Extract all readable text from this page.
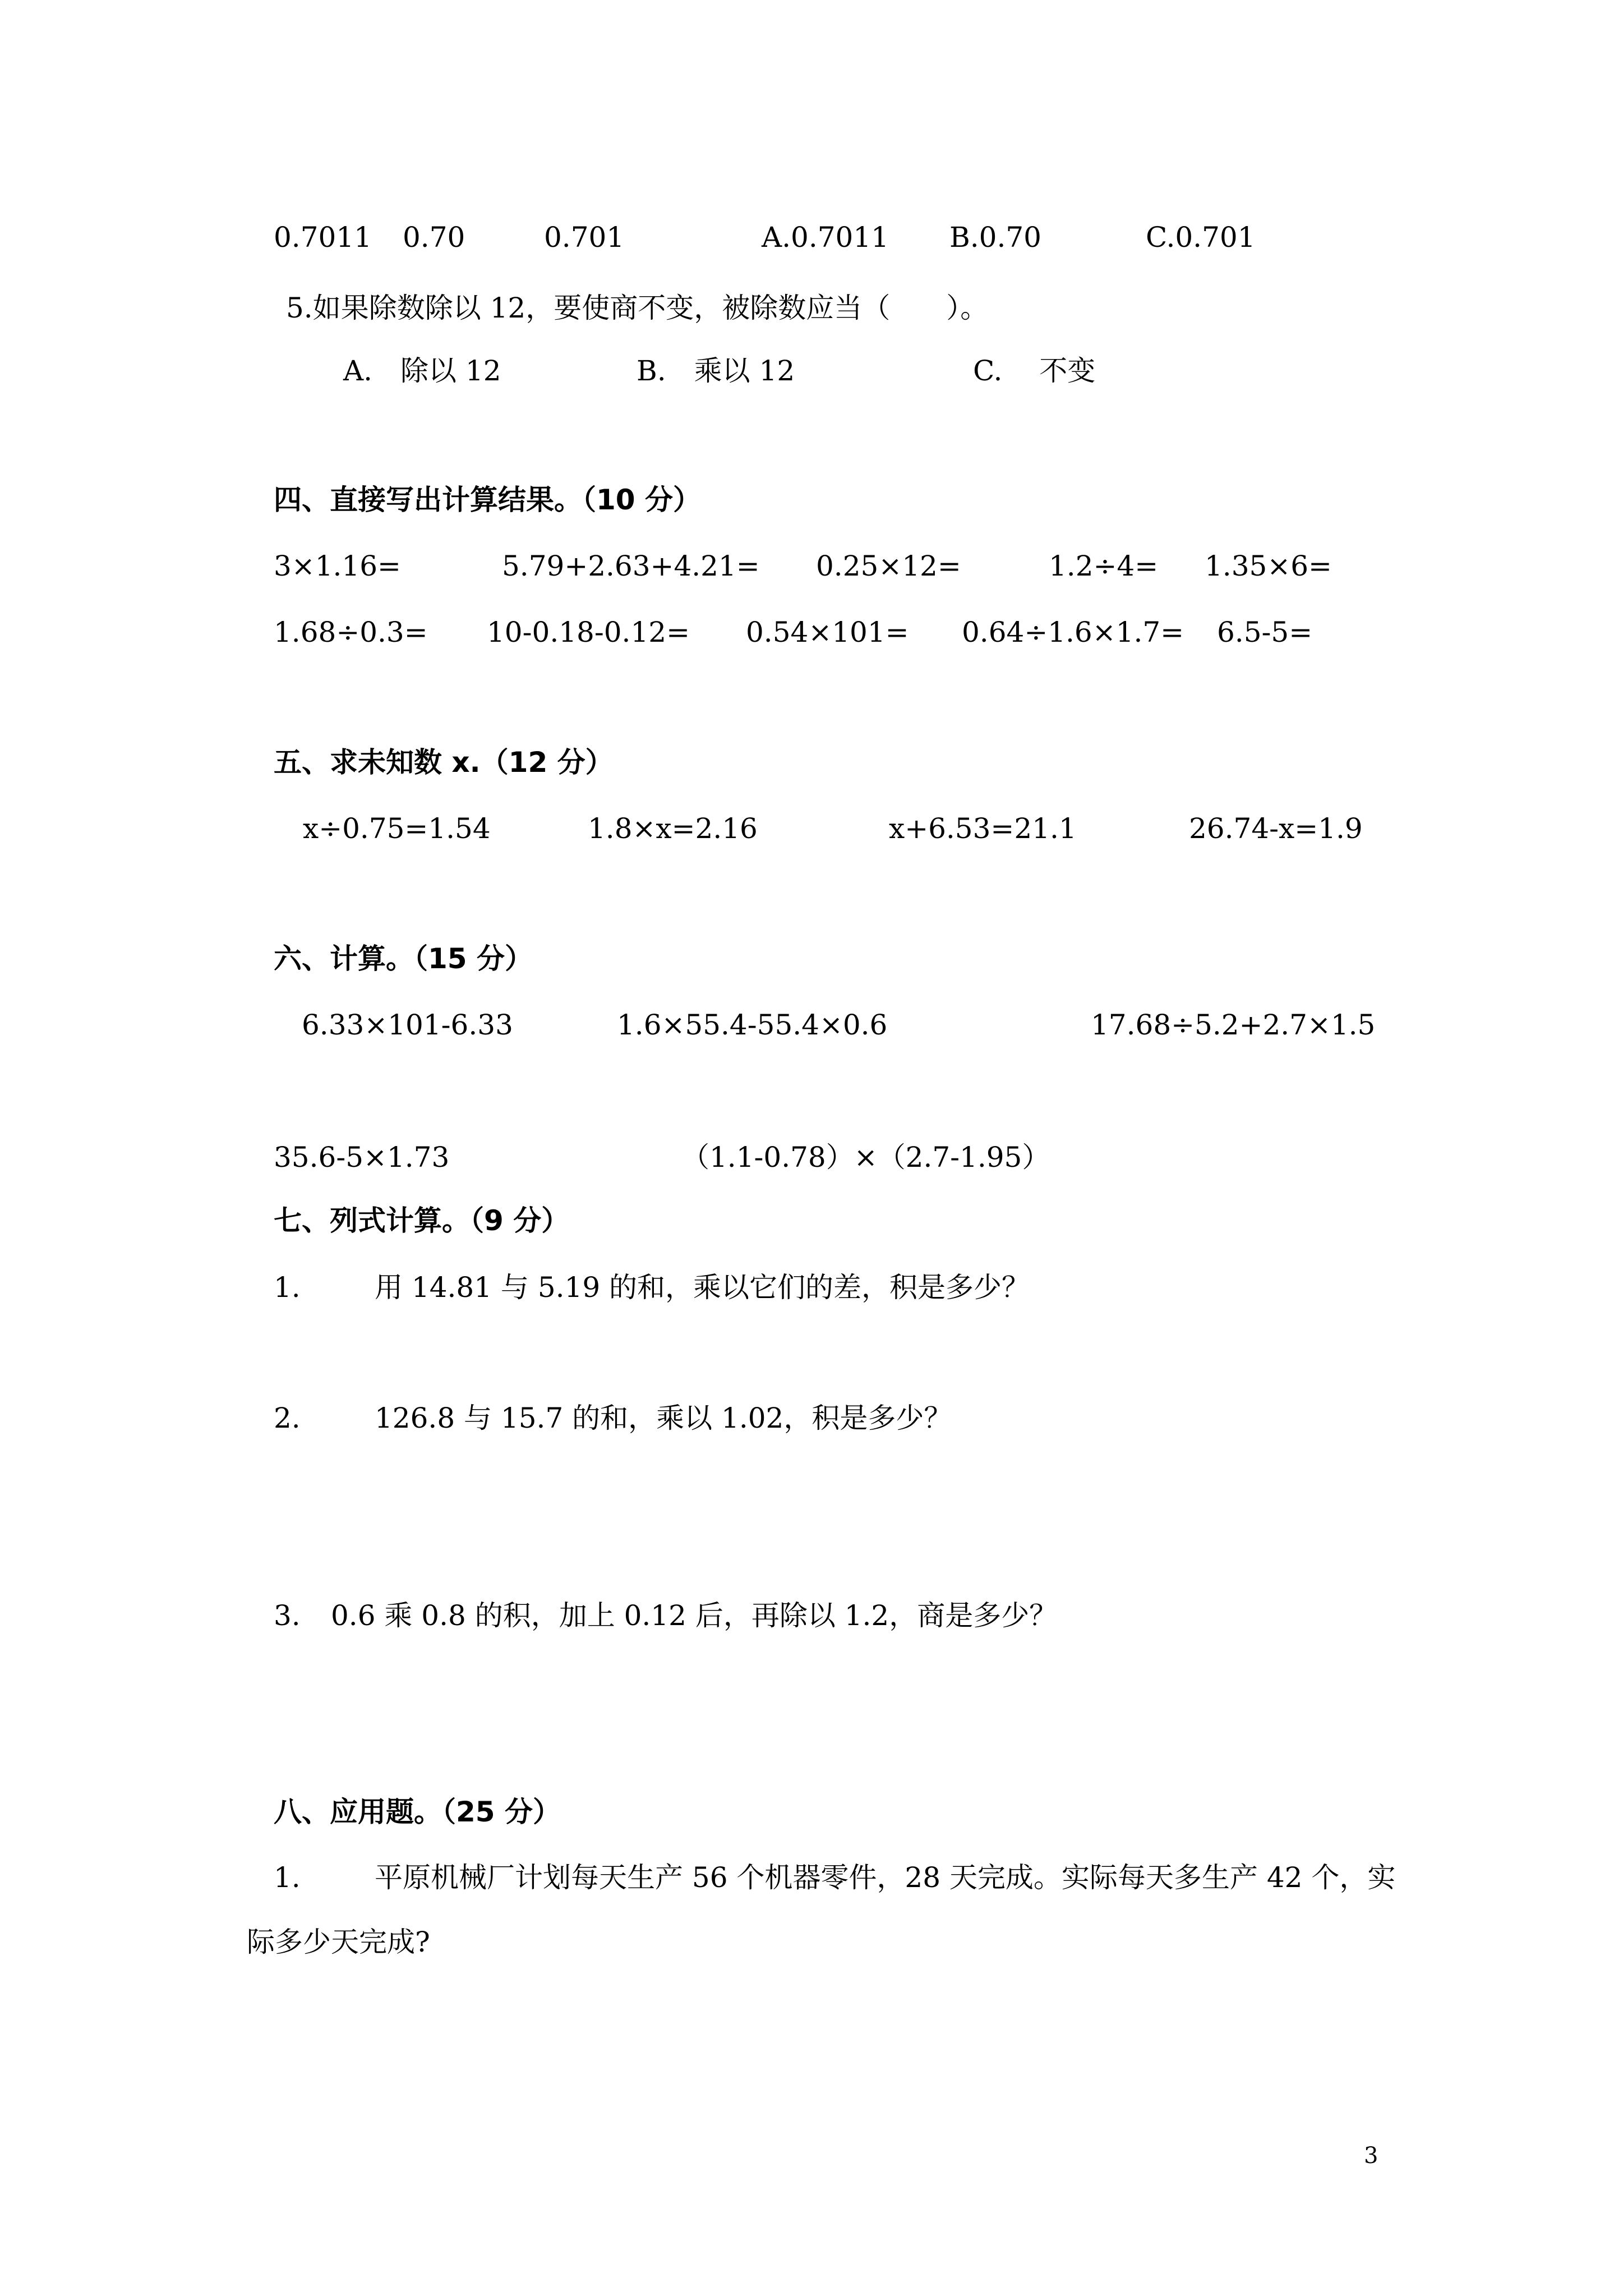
0.7011 0.70	0.701	A.0.7011 B.0.70	C.0.701
5.如果除数除以 12，要使商不变，被除数应当（　　）。
A.　除以 12	B.　乘以 12	C.　 不变
四、直接写出计算结果。（10 分）
3×1.16=	5.79+2.63+4.21= 0.25×12=	1.2÷4= 1.35×6=
1.68÷0.3= 10-0.18-0.12= 0.54×101= 0.64÷1.6×1.7= 6.5-5=
五、求未知数 x.（12 分）
x÷0.75=1.54	1.8×x=2.16	x+6.53=21.1	26.74-x=1.9
六、计算。（15 分）
6.33×101-6.33	1.6×55.4-55.4×0.6	17.68÷5.2+2.7×1.5
35.6-5×1.73	（1.1-0.78）×（2.7-1.95）
七、列式计算。（9 分）
1.	用 14.81 与 5.19 的和，乘以它们的差，积是多少？
2.	126.8 与 15.7 的和，乘以 1.02，积是多少？
3. 0.6 乘 0.8 的积，加上 0.12 后，再除以 1.2，商是多少？
八、应用题。（25 分）
1.	平原机械厂计划每天生产 56 个机器零件，28 天完成。实际每天多生产 42 个，实
际多少天完成?
3
